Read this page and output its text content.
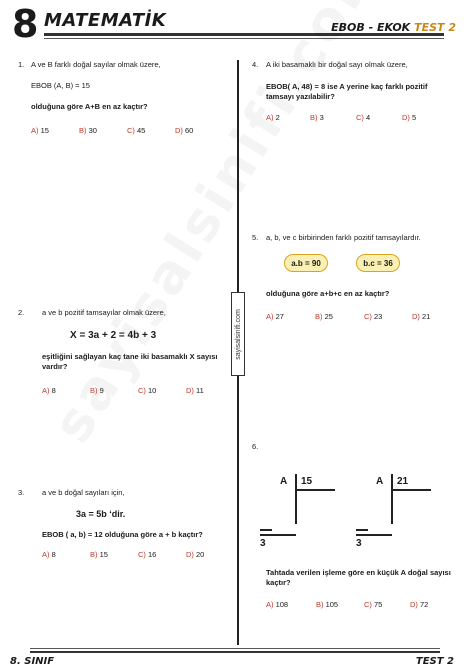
8 MATEMATİK	EBOB - EKOK TEST 2
sayisalsinifi.com
1. A ve B farklı doğal sayılar olmak üzere,
EBOB (A, B) = 15
olduğuna göre A+B en az kaçtır?
A) 15	B) 30	C) 45	D) 60
2. a ve b pozitif tamsayılar olmak üzere,
X = 3a + 2 = 4b + 3
eşitliğini sağlayan kaç tane iki basamaklı X sayısı
vardır?
A) 8	B) 9	C) 10	D) 11
3. a ve b doğal sayıları için,
3a = 5b ‘dir.
EBOB ( a, b) = 12 olduğuna göre a + b kaçtır?
A) 8	B) 15	C) 16	D) 20
4. A iki basamaklı bir doğal sayı olmak üzere,
EBOB( A, 48) = 8 ise A yerine kaç farklı pozitif
tamsayı yazılabilir?
A) 2	B) 3	C) 4	D) 5
5. a, b, ve c birbirinden farklı pozitif tamsayılardır.
a.b = 90	b.c = 36
olduğuna göre a+b+c en az kaçtır?
A) 27	B) 25	C) 23	D) 21
6.
A 15
3
A 21
3
Tahtada verilen işleme göre en küçük A doğal sayısı
kaçtır?
A) 108	B) 105	C) 75	D) 72
8. SINIF	TEST 2
